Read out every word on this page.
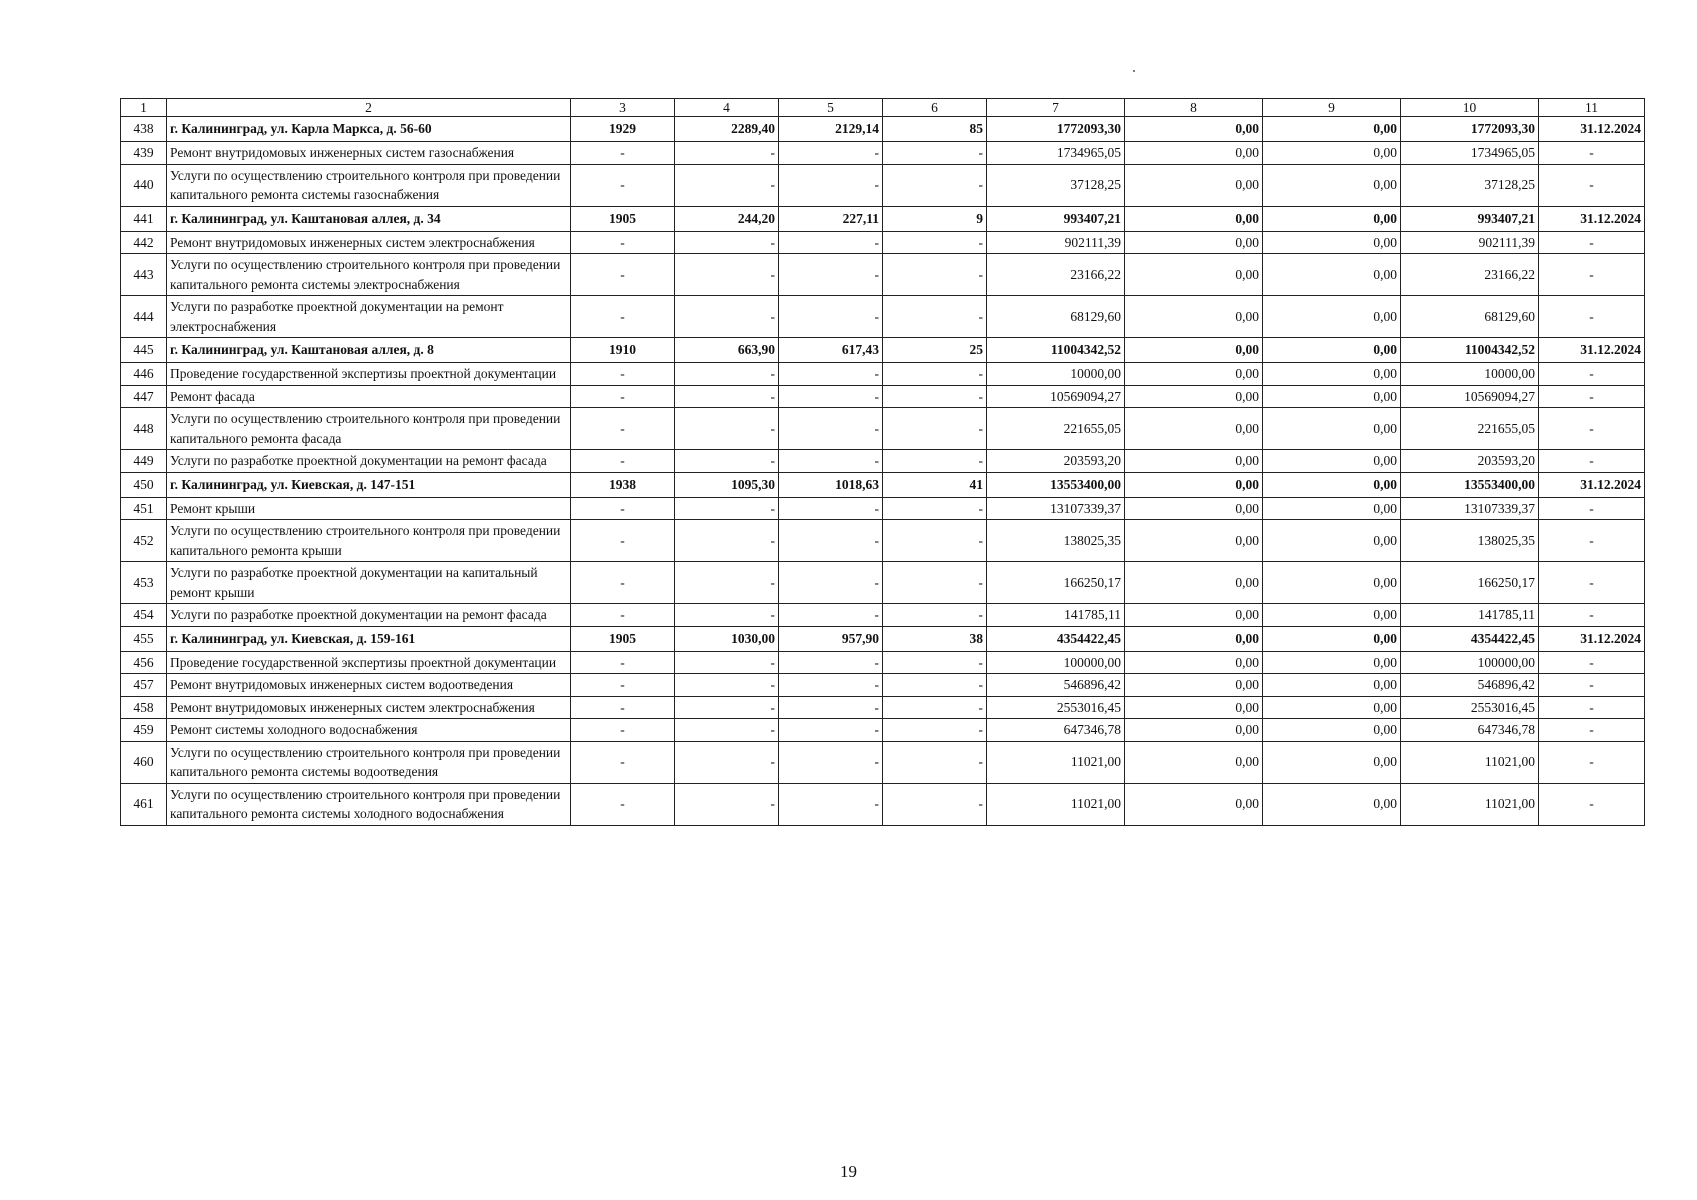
1	2	3	4	5	6	7	8	9	10	11
438	г. Калининград, ул. Карла Маркса, д. 56-60	1929	2289,40	2129,14	85	1772093,30	0,00	0,00	1772093,30	31.12.2024
439	Ремонт внутридомовых инженерных систем газоснабжения	-	-	-	-	1734965,05	0,00	0,00	1734965,05	-
440	Услуги по осуществлению строительного контроля при проведении капитального ремонта системы газоснабжения	-	-	-	-	37128,25	0,00	0,00	37128,25	-
441	г. Калининград, ул. Каштановая аллея, д. 34	1905	244,20	227,11	9	993407,21	0,00	0,00	993407,21	31.12.2024
442	Ремонт внутридомовых инженерных систем электроснабжения	-	-	-	-	902111,39	0,00	0,00	902111,39	-
443	Услуги по осуществлению строительного контроля при проведении капитального ремонта системы электроснабжения	-	-	-	-	23166,22	0,00	0,00	23166,22	-
444	Услуги по разработке проектной документации на ремонт электроснабжения	-	-	-	-	68129,60	0,00	0,00	68129,60	-
445	г. Калининград, ул. Каштановая аллея, д. 8	1910	663,90	617,43	25	11004342,52	0,00	0,00	11004342,52	31.12.2024
446	Проведение государственной экспертизы проектной документации	-	-	-	-	10000,00	0,00	0,00	10000,00	-
447	Ремонт фасада	-	-	-	-	10569094,27	0,00	0,00	10569094,27	-
448	Услуги по осуществлению строительного контроля при проведении капитального ремонта фасада	-	-	-	-	221655,05	0,00	0,00	221655,05	-
449	Услуги по разработке проектной документации на ремонт фасада	-	-	-	-	203593,20	0,00	0,00	203593,20	-
450	г. Калининград, ул. Киевская, д. 147-151	1938	1095,30	1018,63	41	13553400,00	0,00	0,00	13553400,00	31.12.2024
451	Ремонт крыши	-	-	-	-	13107339,37	0,00	0,00	13107339,37	-
452	Услуги по осуществлению строительного контроля при проведении капитального ремонта крыши	-	-	-	-	138025,35	0,00	0,00	138025,35	-
453	Услуги по разработке проектной документации на капитальный ремонт крыши	-	-	-	-	166250,17	0,00	0,00	166250,17	-
454	Услуги по разработке проектной документации на ремонт фасада	-	-	-	-	141785,11	0,00	0,00	141785,11	-
455	г. Калининград, ул. Киевская, д. 159-161	1905	1030,00	957,90	38	4354422,45	0,00	0,00	4354422,45	31.12.2024
456	Проведение государственной экспертизы проектной документации	-	-	-	-	100000,00	0,00	0,00	100000,00	-
457	Ремонт внутридомовых инженерных систем водоотведения	-	-	-	-	546896,42	0,00	0,00	546896,42	-
458	Ремонт внутридомовых инженерных систем электроснабжения	-	-	-	-	2553016,45	0,00	0,00	2553016,45	-
459	Ремонт системы холодного водоснабжения	-	-	-	-	647346,78	0,00	0,00	647346,78	-
460	Услуги по осуществлению строительного контроля при проведении капитального ремонта системы водоотведения	-	-	-	-	11021,00	0,00	0,00	11021,00	-
461	Услуги по осуществлению строительного контроля при проведении капитального ремонта системы холодного водоснабжения	-	-	-	-	11021,00	0,00	0,00	11021,00	-
19
